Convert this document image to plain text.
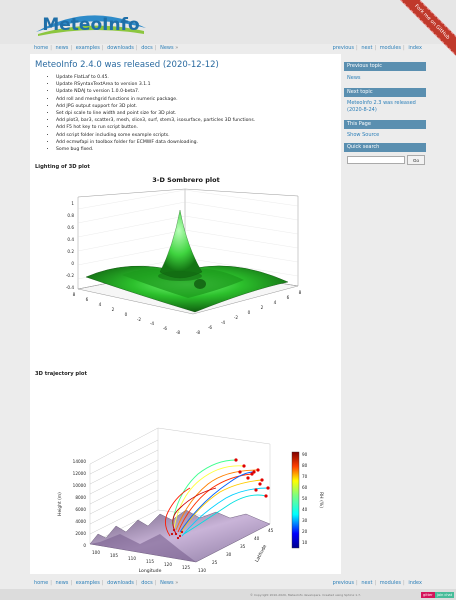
MeteoInfo	Fork me on GitHub
home | news | examples | downloads | docs | News »	previous | next | modules | index
MeteoInfo 2.4.0 was released (2020-12-12)
• Update FlatLaf to 0.45.
• Update RSyntaxTextArea to version 3.1.1
• Update NDAJ to version 1.0.0-beta7.
• Add roll and meshgrid functions in numeric package.
• Add JPG output support for 3D plot.
• Set dpi scale to line width and point size for 3D plot.
• Add plot3, bar3, scatter3, mesh, slice3, surf, stem3, isosurface, particles 3D functions.
• Add F5 hot key to run script button.
• Add script folder including some example scripts.
• Add ecmwfapi in toolbox folder for ECMWF data downloading.
• Some bug fixed.
Lighting of 3D plot
3-D Sombrero plot
1
0.8
0.6
0.4
0.2
0
-0.2
-0.4
8
6
4
2
0
-2
-4
-6
-8	-8
-6
-4
-2
0
2
4
6
8
3D trajectory plot
0
2000
4000
6000
8000
10000
12000
14000
Height (m)
100
105
110
115
120
125
130
Longitude
25
30
35
40
45
Latitude
90
80
70
60
50
40
30
20
10
RH (%)
Previous topic
News
Next topic
MeteoInfo 2.3 was released (2020-8-24)
This Page
Show Source
Quick search
Go
home | news | examples | downloads | docs | News »	previous | next | modules | index
© Copyright 2010-2020, MeteoInfo developers. Created using Sphinx 1.7.	gitter	join chat
